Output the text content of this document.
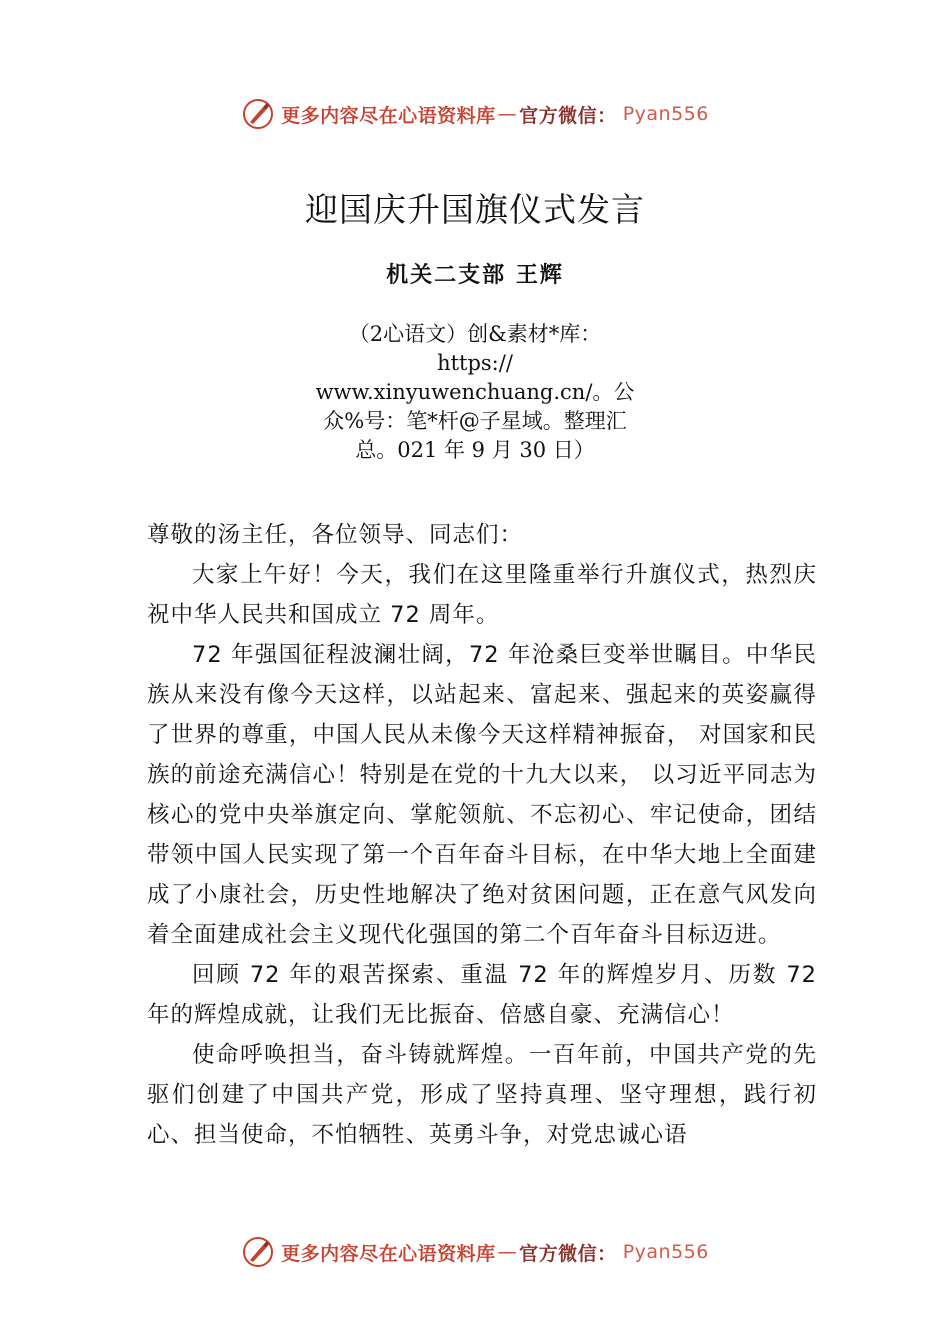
更多内容尽在心语资料库 — 官方微信： Pyan556
迎国庆升国旗仪式发言
机关二支部 王辉
（2心语文）创&素材*库：
https://
www.xinyuwenchuang.cn/。公
众%号：笔*杆@子星域。整理汇
总。021 年 9 月 30 日）

尊敬的汤主任，各位领导、同志们：

大家上午好！今天，我们在这里隆重举行升旗仪式，热烈庆祝中华人民共和国成立 72 周年。

72 年强国征程波澜壮阔，72 年沧桑巨变举世瞩目。中华民族从来没有像今天这样，以站起来、富起来、强起来的英姿赢得了世界的尊重，中国人民从未像今天这样精神振奋， 对国家和民族的前途充满信心！特别是在党的十九大以来， 以习近平同志为核心的党中央举旗定向、掌舵领航、不忘初心、牢记使命，团结带领中国人民实现了第一个百年奋斗目标，在中华大地上全面建成了小康社会，历史性地解决了绝对贫困问题，正在意气风发向着全面建成社会主义现代化强国的第二个百年奋斗目标迈进。

回顾 72 年的艰苦探索、重温 72 年的辉煌岁月、历数 72 年的辉煌成就，让我们无比振奋、倍感自豪、充满信心！

使命呼唤担当，奋斗铸就辉煌。一百年前，中国共产党的先驱们创建了中国共产党，形成了坚持真理、坚守理想，践行初心、担当使命，不怕牺牲、英勇斗争，对党忠诚心语

更多内容尽在心语资料库 — 官方微信： Pyan556
